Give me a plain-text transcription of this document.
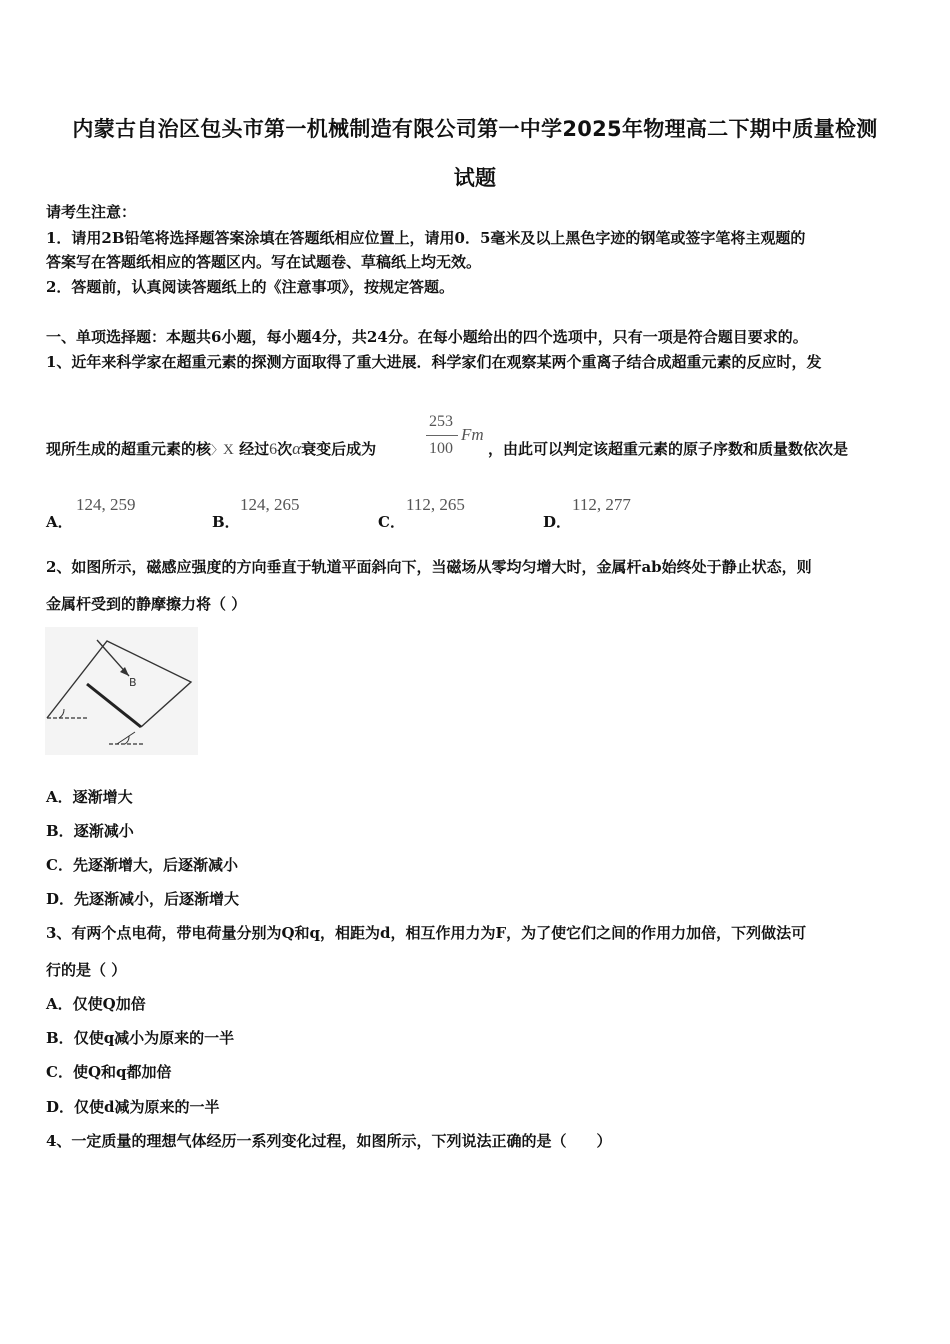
内蒙古自治区包头市第一机械制造有限公司第一中学2025年物理高二下期中质量检测
试题
请考生注意：
1．请用2B铅笔将选择题答案涂填在答题纸相应位置上，请用0．5毫米及以上黑色字迹的钢笔或签字笔将主观题的
答案写在答题纸相应的答题区内。写在试题卷、草稿纸上均无效。
2．答题前，认真阅读答题纸上的《注意事项》，按规定答题。
一、单项选择题：本题共6小题，每小题4分，共24分。在每小题给出的四个选项中，只有一项是符合题目要求的。
1、近年来科学家在超重元素的探测方面取得了重大进展．科学家们在观察某两个重离子结合成超重元素的反应时，发
现所生成的超重元素的核〉X 经过6次α衰变后成为
253
100
Fm
，由此可以判定该超重元素的原子序数和质量数依次是
A．
124, 259
B．
124, 265
C．
112, 265
D．
112, 277
2、如图所示，磁感应强度的方向垂直于轨道平面斜向下，当磁场从零均匀增大时，金属杆ab始终处于静止状态，则
金属杆受到的静摩擦力将（ ）
B
A．逐渐增大
B．逐渐减小
C．先逐渐增大，后逐渐减小
D．先逐渐减小，后逐渐增大
3、有两个点电荷，带电荷量分别为Q和q，相距为d，相互作用力为F，为了使它们之间的作用力加倍，下列做法可
行的是（ ）
A．仅使Q加倍
B．仅使q减小为原来的一半
C．使Q和q都加倍
D．仅使d减为原来的一半
4、一定质量的理想气体经历一系列变化过程，如图所示，下列说法正确的是（　　）
